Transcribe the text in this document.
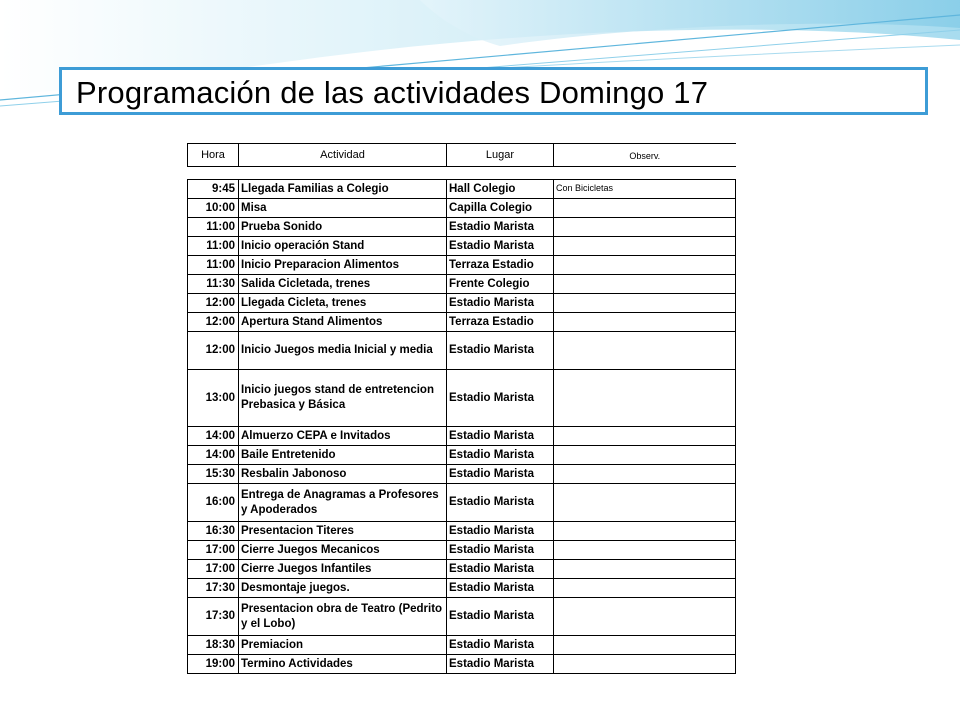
Programación de las actividades Domingo 17
Hora	Actividad	Lugar	Observ.
9:45	Llegada Familias a Colegio	Hall Colegio	Con Bicicletas
10:00	Misa	Capilla Colegio	
11:00	Prueba Sonido	Estadio Marista	
11:00	Inicio operación Stand	Estadio Marista	
11:00	Inicio Preparacion Alimentos	Terraza Estadio	
11:30	Salida Cicletada, trenes	Frente Colegio	
12:00	Llegada Cicleta, trenes	Estadio Marista	
12:00	Apertura Stand Alimentos	Terraza Estadio	
12:00	Inicio Juegos media Inicial y media	Estadio Marista	
13:00	Inicio juegos stand de entretencion Prebasica y Básica	Estadio Marista	
14:00	Almuerzo CEPA e Invitados	Estadio Marista	
14:00	Baile Entretenido	Estadio Marista	
15:30	Resbalin Jabonoso	Estadio Marista	
16:00	Entrega de Anagramas a Profesores y Apoderados	Estadio Marista	
16:30	Presentacion Titeres	Estadio Marista	
17:00	Cierre Juegos Mecanicos	Estadio Marista	
17:00	Cierre Juegos Infantiles	Estadio Marista	
17:30	Desmontaje juegos.	Estadio Marista	
17:30	Presentacion obra de Teatro (Pedrito y el Lobo)	Estadio Marista	
18:30	Premiacion	Estadio Marista	
19:00	Termino Actividades	Estadio Marista	
